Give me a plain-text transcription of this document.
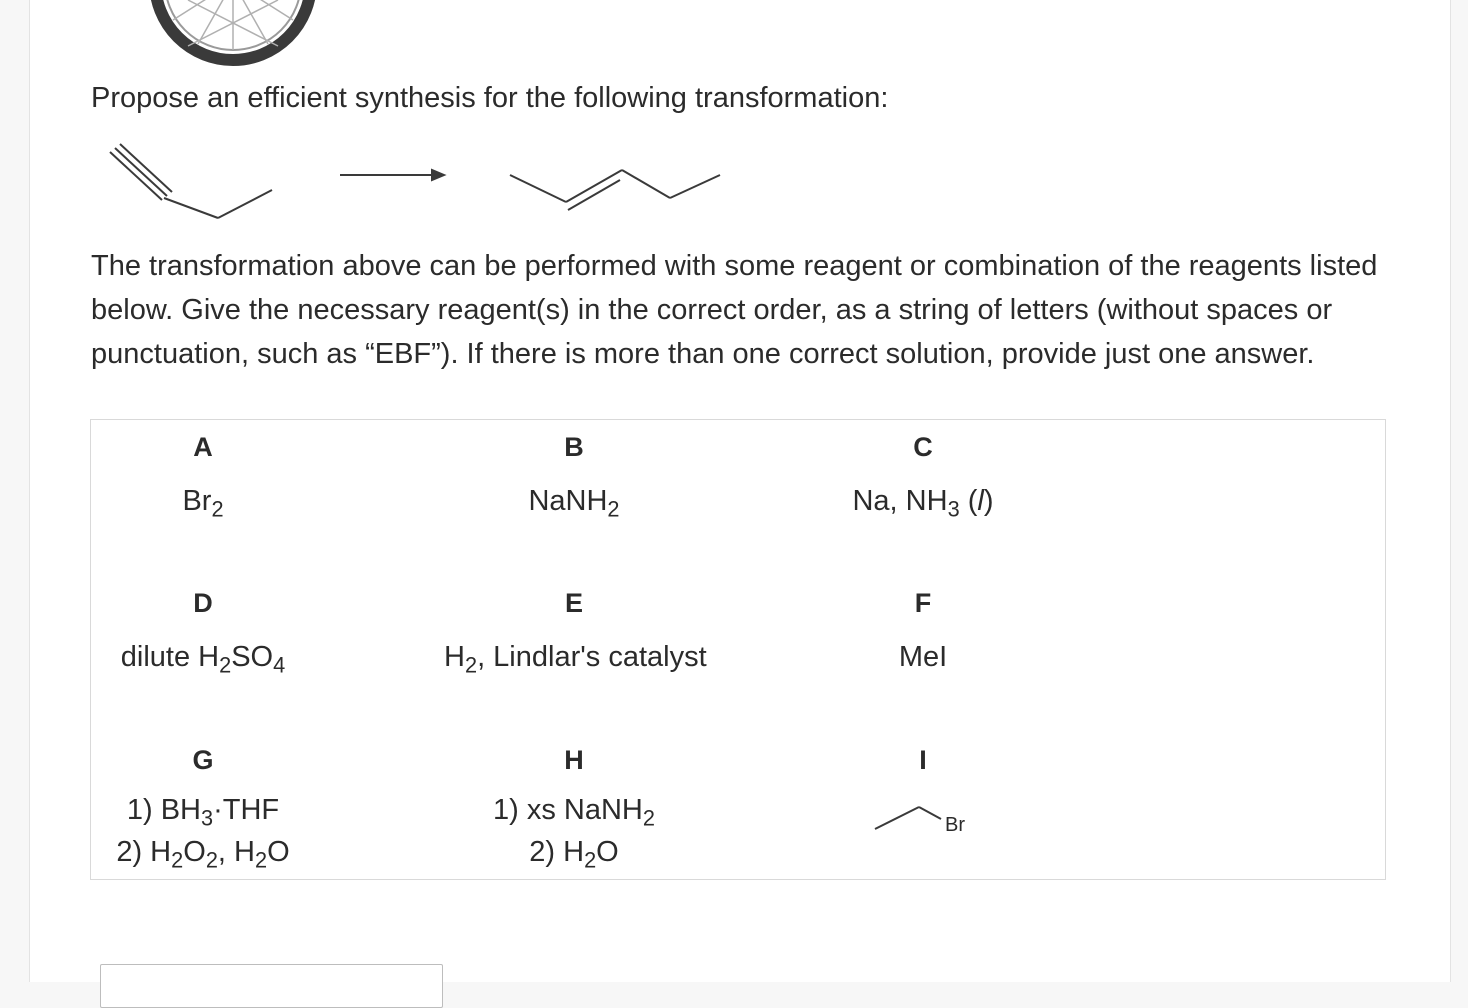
Propose an efficient synthesis for the following transformation:

The transformation above can be performed with some reagent or combination of the reagents listed below. Give the necessary reagent(s) in the correct order, as a string of letters (without spaces or punctuation, such as “EBF”). If there is more than one correct solution, provide just one answer.

A
$Br_2$
B
NaNH$_2$
C
Na, $NH_3$ (l)
D
dilute $H_2SO_4$
E
$H_2$, Lindlar's catalyst
F
MeI
G
1) $BH_3\cdot THF$
2) $H_2O_2$, $H_2O$
H
1) xs NaNH$_2$
2) $H_2O$
I
Br
